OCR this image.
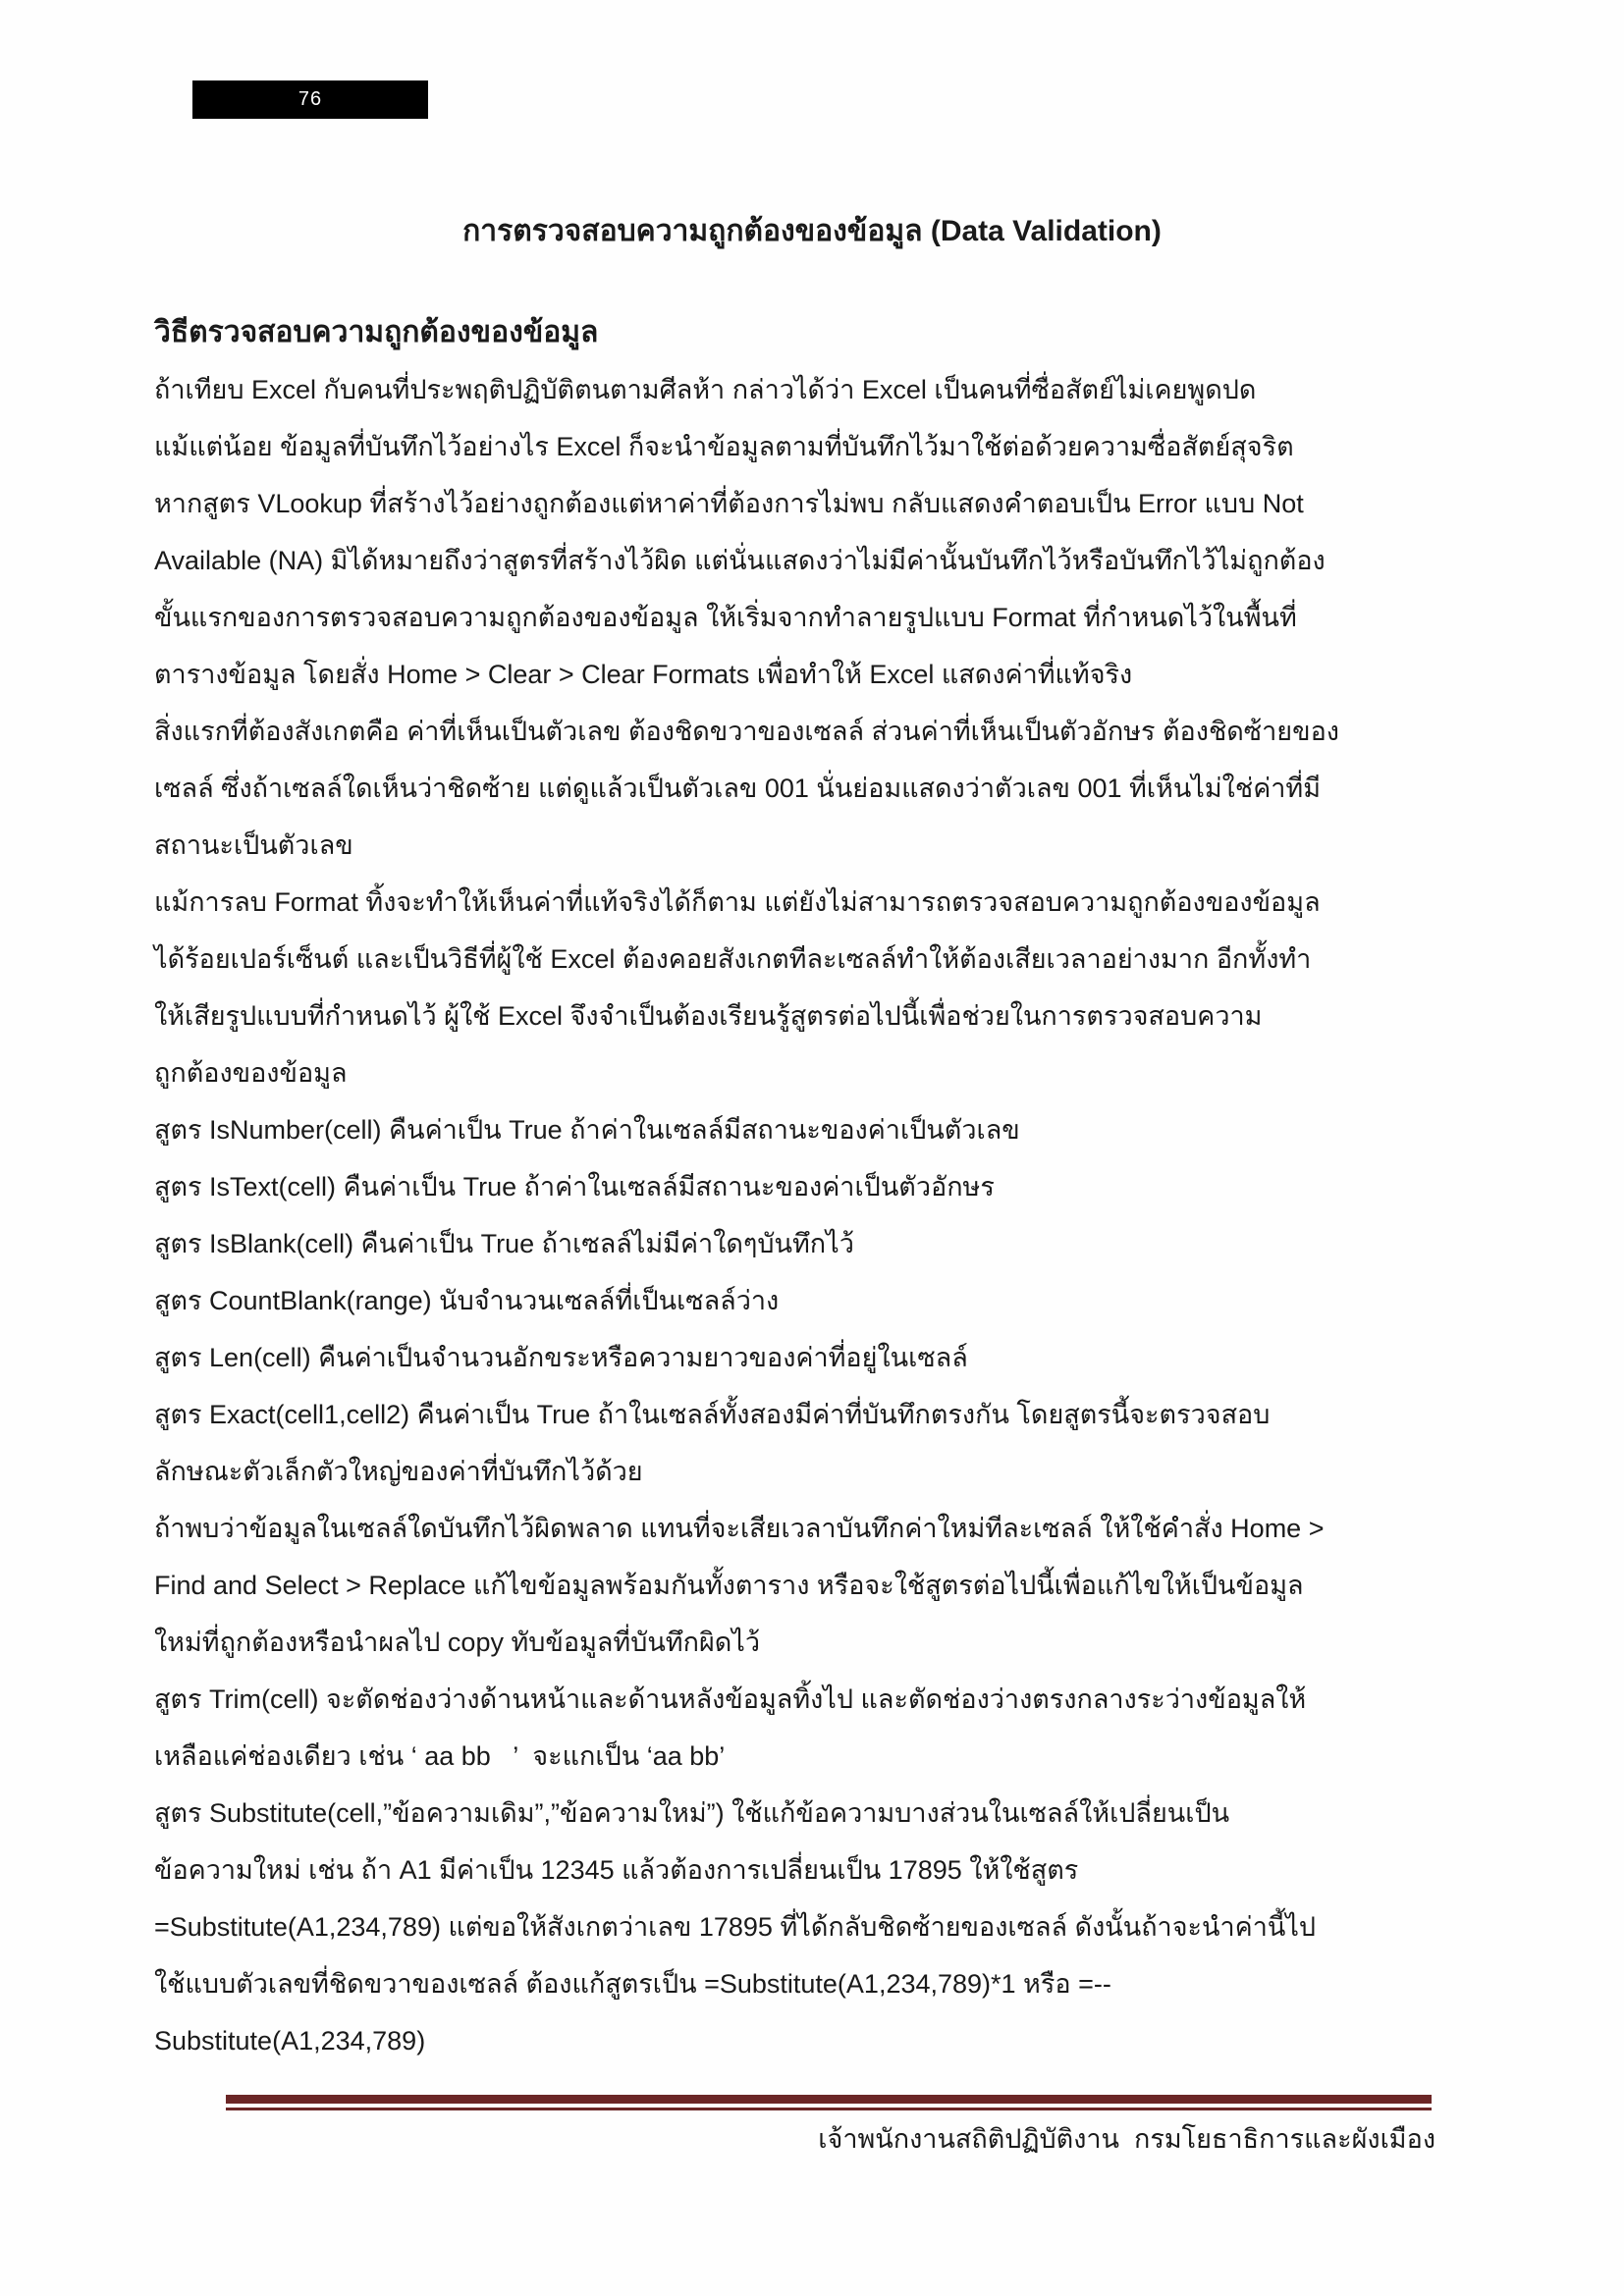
76
การตรวจสอบความถูกต้องของข้อมูล (Data Validation)
วิธีตรวจสอบความถูกต้องของข้อมูล
ถ้าเทียบ Excel กับคนที่ประพฤติปฏิบัติตนตามศีลห้า กล่าวได้ว่า Excel เป็นคนที่ซื่อสัตย์ไม่เคยพูดปด
แม้แต่น้อย ข้อมูลที่บันทึกไว้อย่างไร Excel ก็จะนำข้อมูลตามที่บันทึกไว้มาใช้ต่อด้วยความซื่อสัตย์สุจริต
หากสูตร VLookup ที่สร้างไว้อย่างถูกต้องแต่หาค่าที่ต้องการไม่พบ กลับแสดงคำตอบเป็น Error แบบ Not
Available (NA) มิได้หมายถึงว่าสูตรที่สร้างไว้ผิด แต่นั่นแสดงว่าไม่มีค่านั้นบันทึกไว้หรือบันทึกไว้ไม่ถูกต้อง
ขั้นแรกของการตรวจสอบความถูกต้องของข้อมูล ให้เริ่มจากทำลายรูปแบบ Format ที่กำหนดไว้ในพื้นที่
ตารางข้อมูล โดยสั่ง Home > Clear > Clear Formats เพื่อทำให้ Excel แสดงค่าที่แท้จริง
สิ่งแรกที่ต้องสังเกตคือ ค่าที่เห็นเป็นตัวเลข ต้องชิดขวาของเซลล์ ส่วนค่าที่เห็นเป็นตัวอักษร ต้องชิดซ้ายของ
เซลล์ ซึ่งถ้าเซลล์ใดเห็นว่าชิดซ้าย แต่ดูแล้วเป็นตัวเลข 001 นั่นย่อมแสดงว่าตัวเลข 001 ที่เห็นไม่ใช่ค่าที่มี
สถานะเป็นตัวเลข
แม้การลบ Format ทิ้งจะทำให้เห็นค่าที่แท้จริงได้ก็ตาม แต่ยังไม่สามารถตรวจสอบความถูกต้องของข้อมูล
ได้ร้อยเปอร์เซ็นต์ และเป็นวิธีที่ผู้ใช้ Excel ต้องคอยสังเกตทีละเซลล์ทำให้ต้องเสียเวลาอย่างมาก อีกทั้งทำ
ให้เสียรูปแบบที่กำหนดไว้ ผู้ใช้ Excel จึงจำเป็นต้องเรียนรู้สูตรต่อไปนี้เพื่อช่วยในการตรวจสอบความ
ถูกต้องของข้อมูล
สูตร IsNumber(cell) คืนค่าเป็น True ถ้าค่าในเซลล์มีสถานะของค่าเป็นตัวเลข
สูตร IsText(cell) คืนค่าเป็น True ถ้าค่าในเซลล์มีสถานะของค่าเป็นตัวอักษร
สูตร IsBlank(cell) คืนค่าเป็น True ถ้าเซลล์ไม่มีค่าใดๆบันทึกไว้
สูตร CountBlank(range) นับจำนวนเซลล์ที่เป็นเซลล์ว่าง
สูตร Len(cell) คืนค่าเป็นจำนวนอักขระหรือความยาวของค่าที่อยู่ในเซลล์
สูตร Exact(cell1,cell2) คืนค่าเป็น True ถ้าในเซลล์ทั้งสองมีค่าที่บันทึกตรงกัน โดยสูตรนี้จะตรวจสอบ
ลักษณะตัวเล็กตัวใหญ่ของค่าที่บันทึกไว้ด้วย
ถ้าพบว่าข้อมูลในเซลล์ใดบันทึกไว้ผิดพลาด แทนที่จะเสียเวลาบันทึกค่าใหม่ทีละเซลล์ ให้ใช้คำสั่ง Home >
Find and Select > Replace แก้ไขข้อมูลพร้อมกันทั้งตาราง หรือจะใช้สูตรต่อไปนี้เพื่อแก้ไขให้เป็นข้อมูล
ใหม่ที่ถูกต้องหรือนำผลไป copy ทับข้อมูลที่บันทึกผิดไว้
สูตร Trim(cell) จะตัดช่องว่างด้านหน้าและด้านหลังข้อมูลทิ้งไป และตัดช่องว่างตรงกลางระว่างข้อมูลให้
เหลือแค่ช่องเดียว เช่น ‘ aa bb   ’  จะแกเป็น ‘aa bb’
สูตร Substitute(cell,”ข้อความเดิม”,”ข้อความใหม่”) ใช้แก้ข้อความบางส่วนในเซลล์ให้เปลี่ยนเป็น
ข้อความใหม่ เช่น ถ้า A1 มีค่าเป็น 12345 แล้วต้องการเปลี่ยนเป็น 17895 ให้ใช้สูตร
=Substitute(A1,234,789) แต่ขอให้สังเกตว่าเลข 17895 ที่ได้กลับชิดซ้ายของเซลล์ ดังนั้นถ้าจะนำค่านี้ไป
ใช้แบบตัวเลขที่ชิดขวาของเซลล์ ต้องแก้สูตรเป็น =Substitute(A1,234,789)*1 หรือ =--
Substitute(A1,234,789)
เจ้าพนักงานสถิติปฏิบัติงาน  กรมโยธาธิการและผังเมือง
